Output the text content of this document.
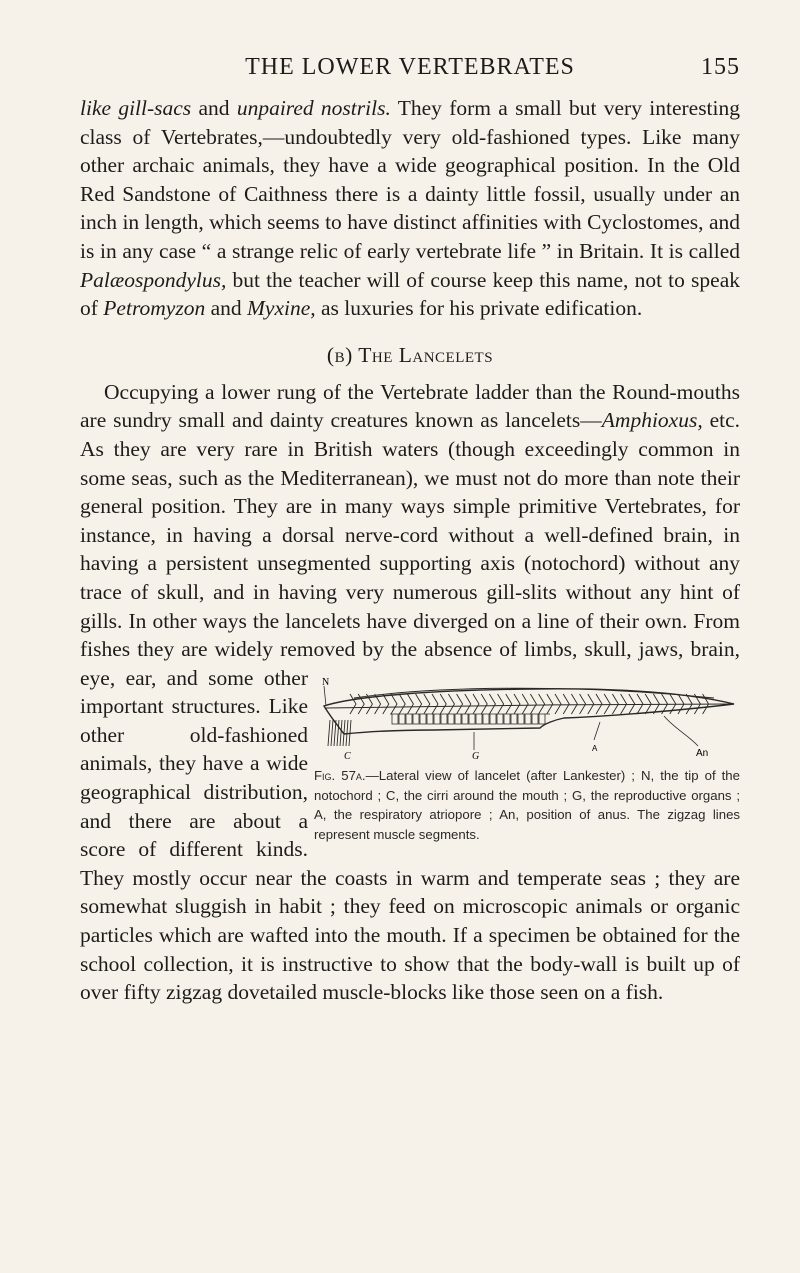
THE LOWER VERTEBRATES	155

like gill-sacs and unpaired nostrils. They form a small but very interesting class of Vertebrates,—undoubtedly very old-fashioned types. Like many other archaic animals, they have a wide geographical position. In the Old Red Sandstone of Caithness there is a dainty little fossil, usually under an inch in length, which seems to have distinct affinities with Cyclostomes, and is in any case “ a strange relic of early vertebrate life ” in Britain. It is called Palæospondylus, but the teacher will of course keep this name, not to speak of Petromyzon and Myxine, as luxuries for his private edification.

(b) The Lancelets

Occupying a lower rung of the Vertebrate ladder than the Round-mouths are sundry small and dainty creatures known as lancelets—Amphioxus, etc. As they are very rare in British waters (though exceedingly common in some seas, such as the Mediterranean), we must not do more than note their general position. They are in many ways simple primitive Vertebrates, for instance, in having a dorsal nerve-cord without a well-defined brain, in having a persistent unsegmented supporting axis (notochord) without any trace of skull, and in having very numerous gill-slits without any hint of gills. In other ways the lancelets have diverged on a line of their own. From fishes they are widely removed by the absence of limbs, skull, jaws, brain, eye, ear, and some other important structures. Like other old-fashioned animals, they have a wide geographical distribution, and there are about a score of different kinds. They mostly occur near the coasts in warm and temperate seas ; they are somewhat sluggish in habit ; they feed on microscopic animals or organic particles which are wafted into the mouth. If a specimen be obtained for the school collection, it is instructive to show that the body-wall is built up of over fifty zigzag dovetailed muscle-blocks like those seen on a fish.

N
C	G
A	An
Fig. 57a.—Lateral view of lancelet (after Lankester) ; N, the tip of the notochord ; C, the cirri around the mouth ; G, the reproductive organs ; A, the respiratory atriopore ; An, position of anus. The zigzag lines represent muscle segments.
